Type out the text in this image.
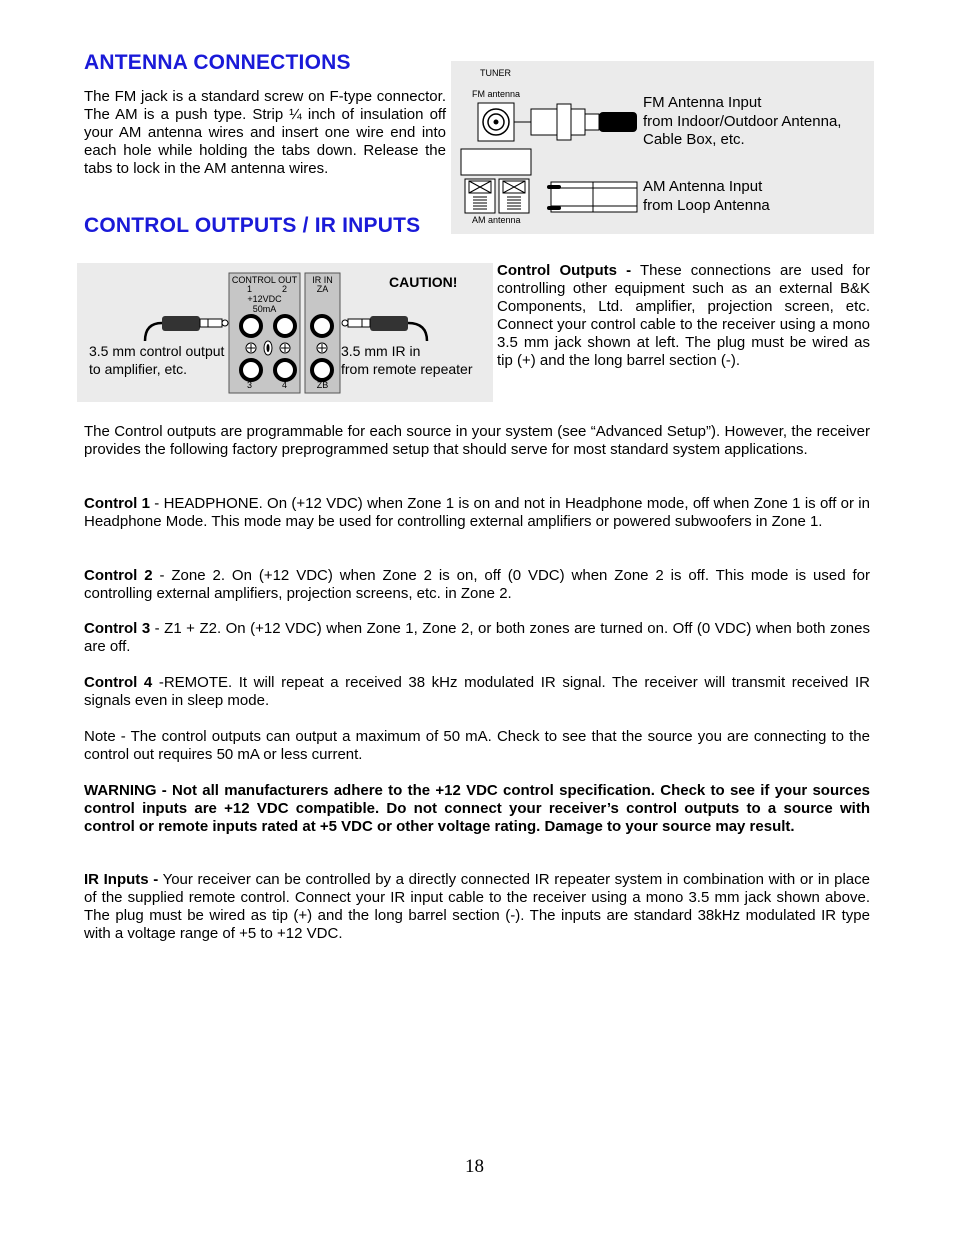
ANTENNA CONNECTIONS

The FM jack is a standard screw on F-type connector. The AM is a push type. Strip ¼ inch of insulation off your AM antenna wires and insert one wire end into each hole while holding the tabs down. Release the tabs to lock in the AM antenna wires.

TUNER
FM antenna
AM antenna
FM Antenna Input
from Indoor/Outdoor Antenna,
Cable Box, etc.
AM Antenna Input
from Loop Antenna
CONTROL OUTPUTS / IR INPUTS
CONTROL OUT
1	2
+12VDC
50mA
IR IN
ZA
3	4	ZB
CAUTION!
3.5 mm control output
to amplifier, etc.
3.5 mm IR in
from remote repeater

Control Outputs - These connections are used for controlling other equipment such as an external B&K Components, Ltd. amplifier, projection screen, etc. Connect your control cable to the receiver using a mono 3.5 mm jack shown at left. The plug must be wired as tip (+) and the long barrel section (-).

The Control outputs are programmable for each source in your system (see “Advanced Setup”). However, the receiver provides the following factory preprogrammed setup that should serve for most standard system applications.

Control 1 - HEADPHONE. On (+12 VDC) when Zone 1 is on and not in Headphone mode, off when Zone 1 is off or in Headphone Mode. This mode may be used for controlling external amplifiers or powered subwoofers in Zone 1.

Control 2 - Zone 2. On (+12 VDC) when Zone 2 is on, off (0 VDC) when Zone 2 is off. This mode is used for controlling external amplifiers, projection screens, etc. in Zone 2.

Control 3 - Z1 + Z2. On (+12 VDC) when Zone 1, Zone 2, or both zones are turned on. Off (0 VDC) when both zones are off.

Control 4 -REMOTE. It will repeat a received 38 kHz modulated IR signal. The receiver will transmit received IR signals even in sleep mode.

Note - The control outputs can output a maximum of 50 mA. Check to see that the source you are connecting to the control out requires 50 mA or less current.

WARNING - Not all manufacturers adhere to the +12 VDC control specification. Check to see if your sources control inputs are +12 VDC compatible. Do not connect your receiver’s control outputs to a source with control or remote inputs rated at +5 VDC or other voltage rating. Damage to your source may result.

IR Inputs - Your receiver can be controlled by a directly connected IR repeater system in combination with or in place of the supplied remote control. Connect your IR input cable to the receiver using a mono 3.5 mm jack shown above. The plug must be wired as tip (+) and the long barrel section (-). The inputs are standard 38kHz modulated IR type with a voltage range of +5 to +12 VDC.

18
